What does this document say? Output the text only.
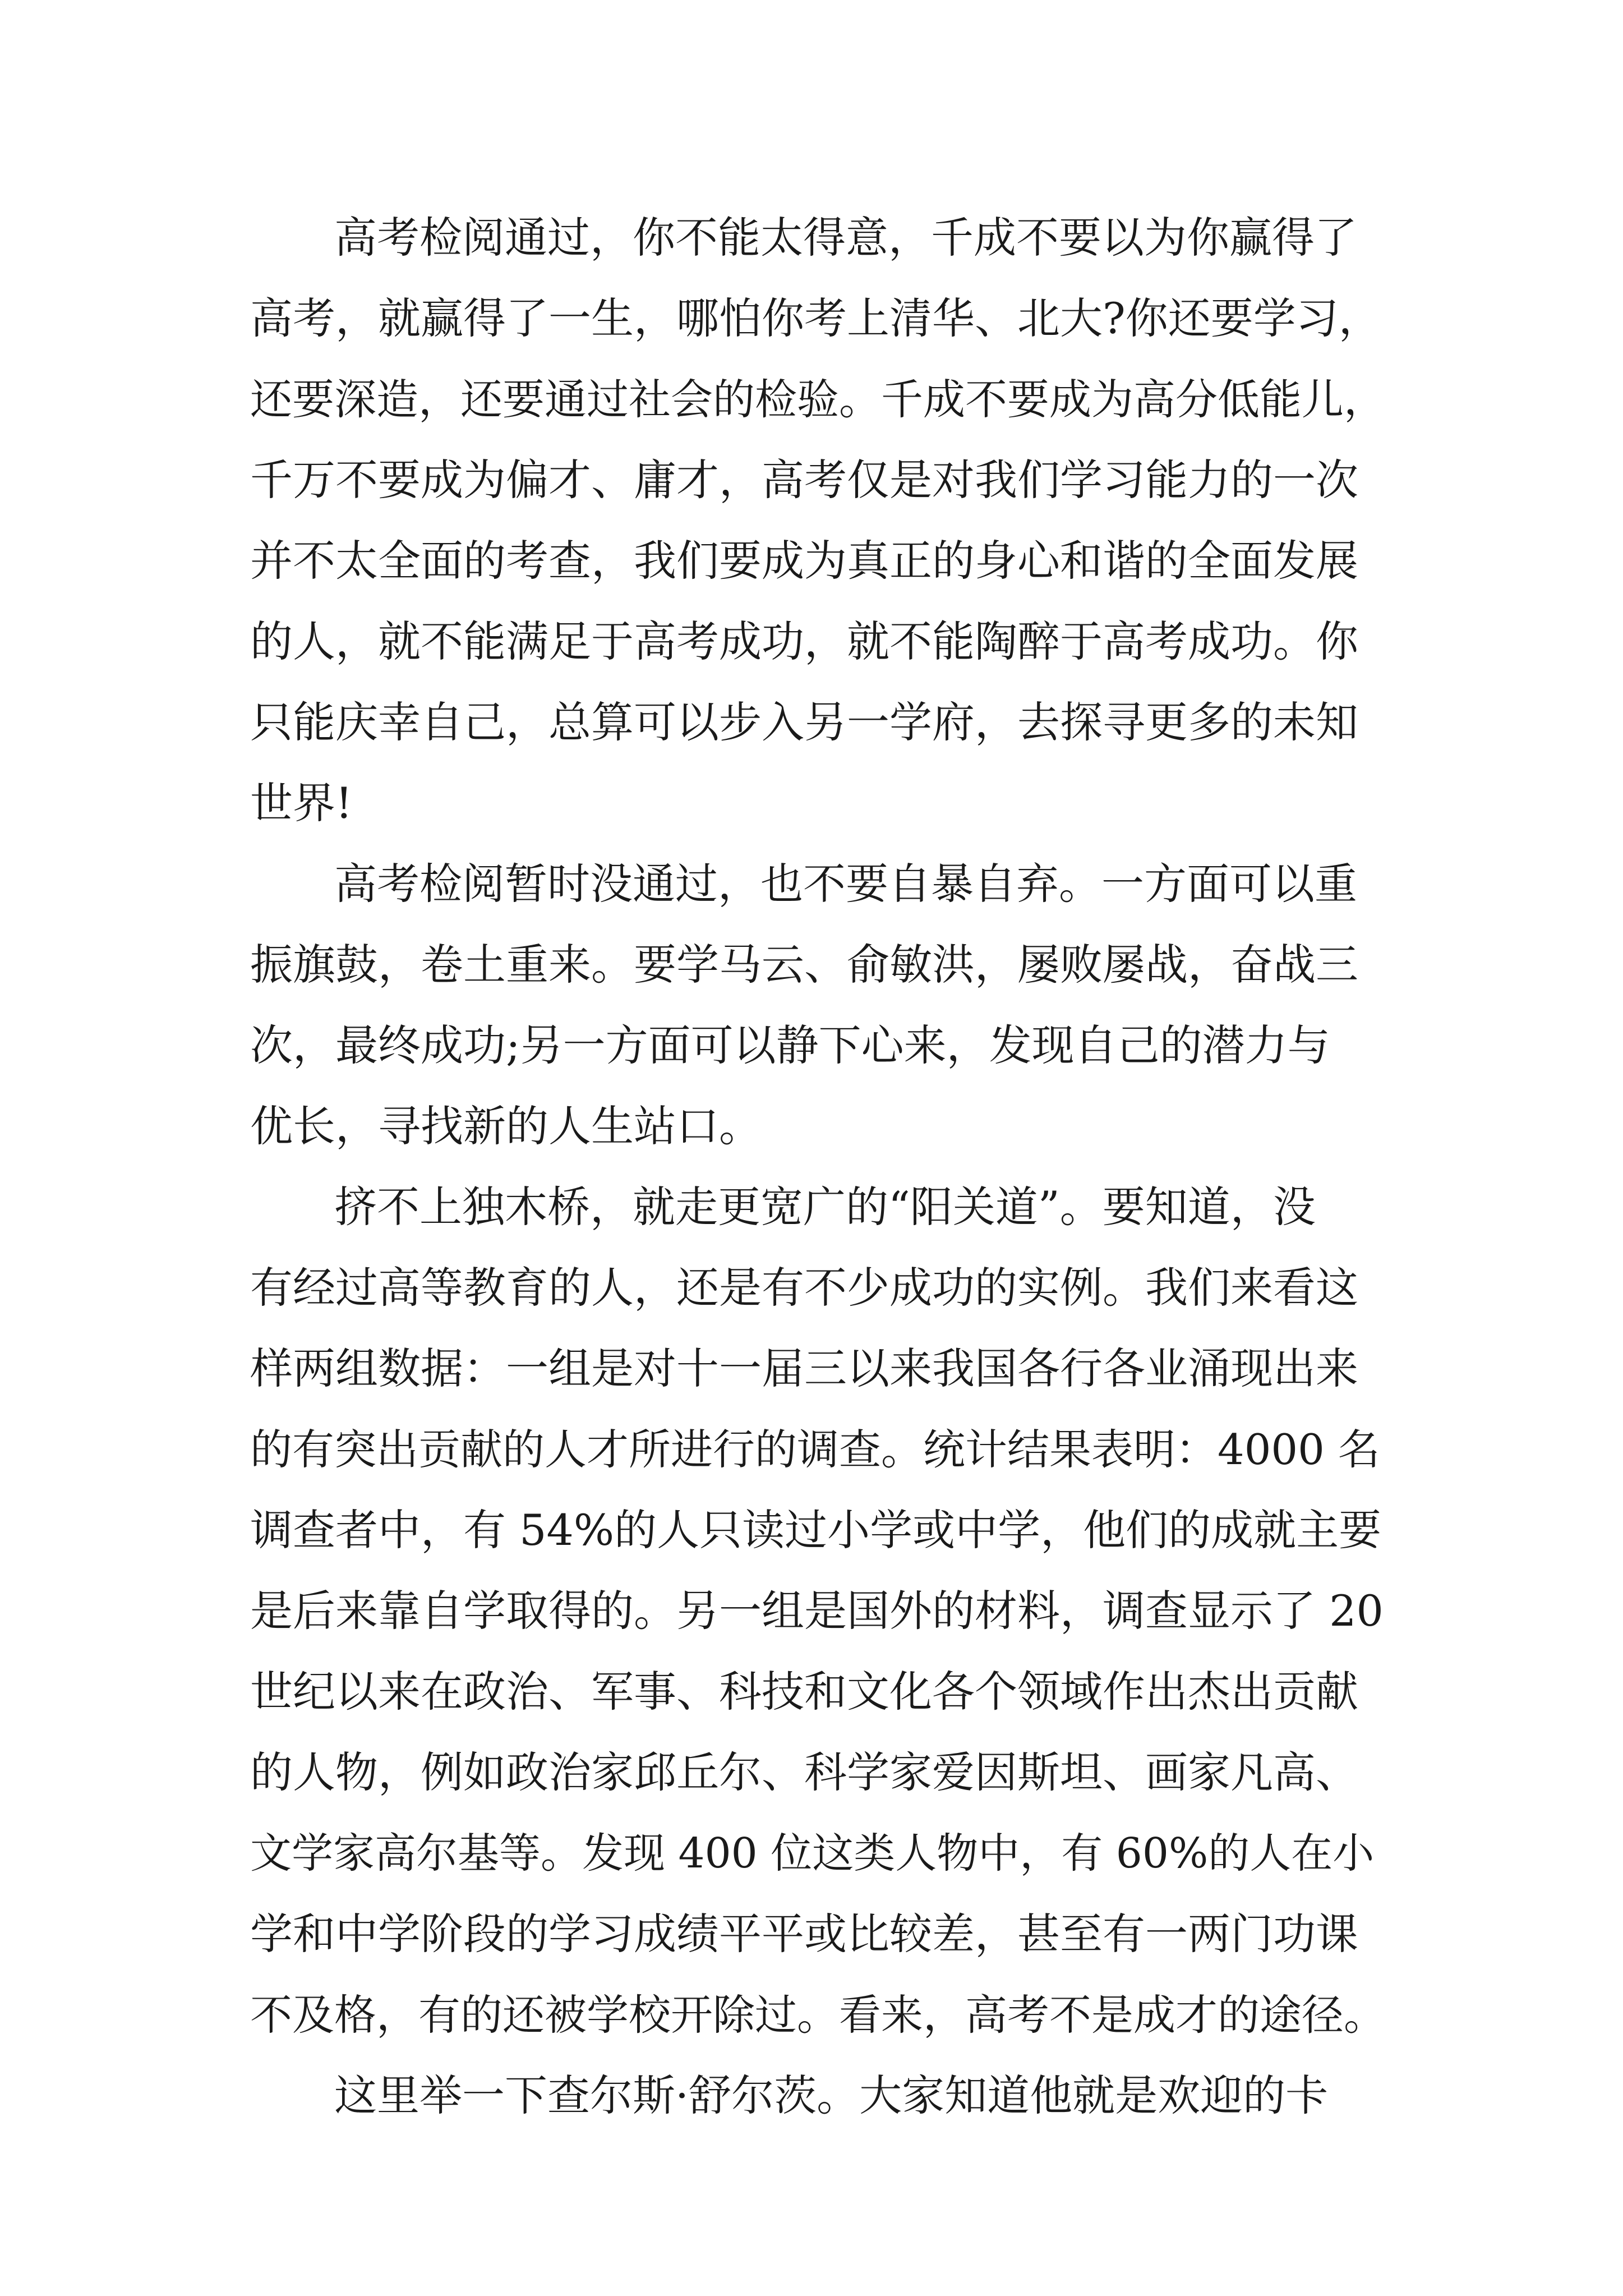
高考检阅通过，你不能太得意，千成不要以为你赢得了
高考，就赢得了一生，哪怕你考上清华、北大?你还要学习，
还要深造，还要通过社会的检验。千成不要成为高分低能儿，
千万不要成为偏才、庸才，高考仅是对我们学习能力的一次
并不太全面的考查，我们要成为真正的身心和谐的全面发展
的人，就不能满足于高考成功，就不能陶醉于高考成功。你
只能庆幸自己，总算可以步入另一学府，去探寻更多的未知
世界!
高考检阅暂时没通过，也不要自暴自弃。一方面可以重
振旗鼓，卷土重来。要学马云、俞敏洪，屡败屡战，奋战三
次，最终成功;另一方面可以静下心来，发现自己的潜力与
优长，寻找新的人生站口。
挤不上独木桥，就走更宽广的“阳关道”。要知道，没
有经过高等教育的人，还是有不少成功的实例。我们来看这
样两组数据：一组是对十一届三以来我国各行各业涌现出来
的有突出贡献的人才所进行的调查。统计结果表明：4000 名
调查者中，有 54%的人只读过小学或中学，他们的成就主要
是后来靠自学取得的。另一组是国外的材料，调查显示了 20
世纪以来在政治、军事、科技和文化各个领域作出杰出贡献
的人物，例如政治家邱丘尔、科学家爱因斯坦、画家凡高、
文学家高尔基等。发现 400 位这类人物中，有 60%的人在小
学和中学阶段的学习成绩平平或比较差，甚至有一两门功课
不及格，有的还被学校开除过。看来，高考不是成才的途径。
这里举一下查尔斯·舒尔茨。大家知道他就是欢迎的卡
